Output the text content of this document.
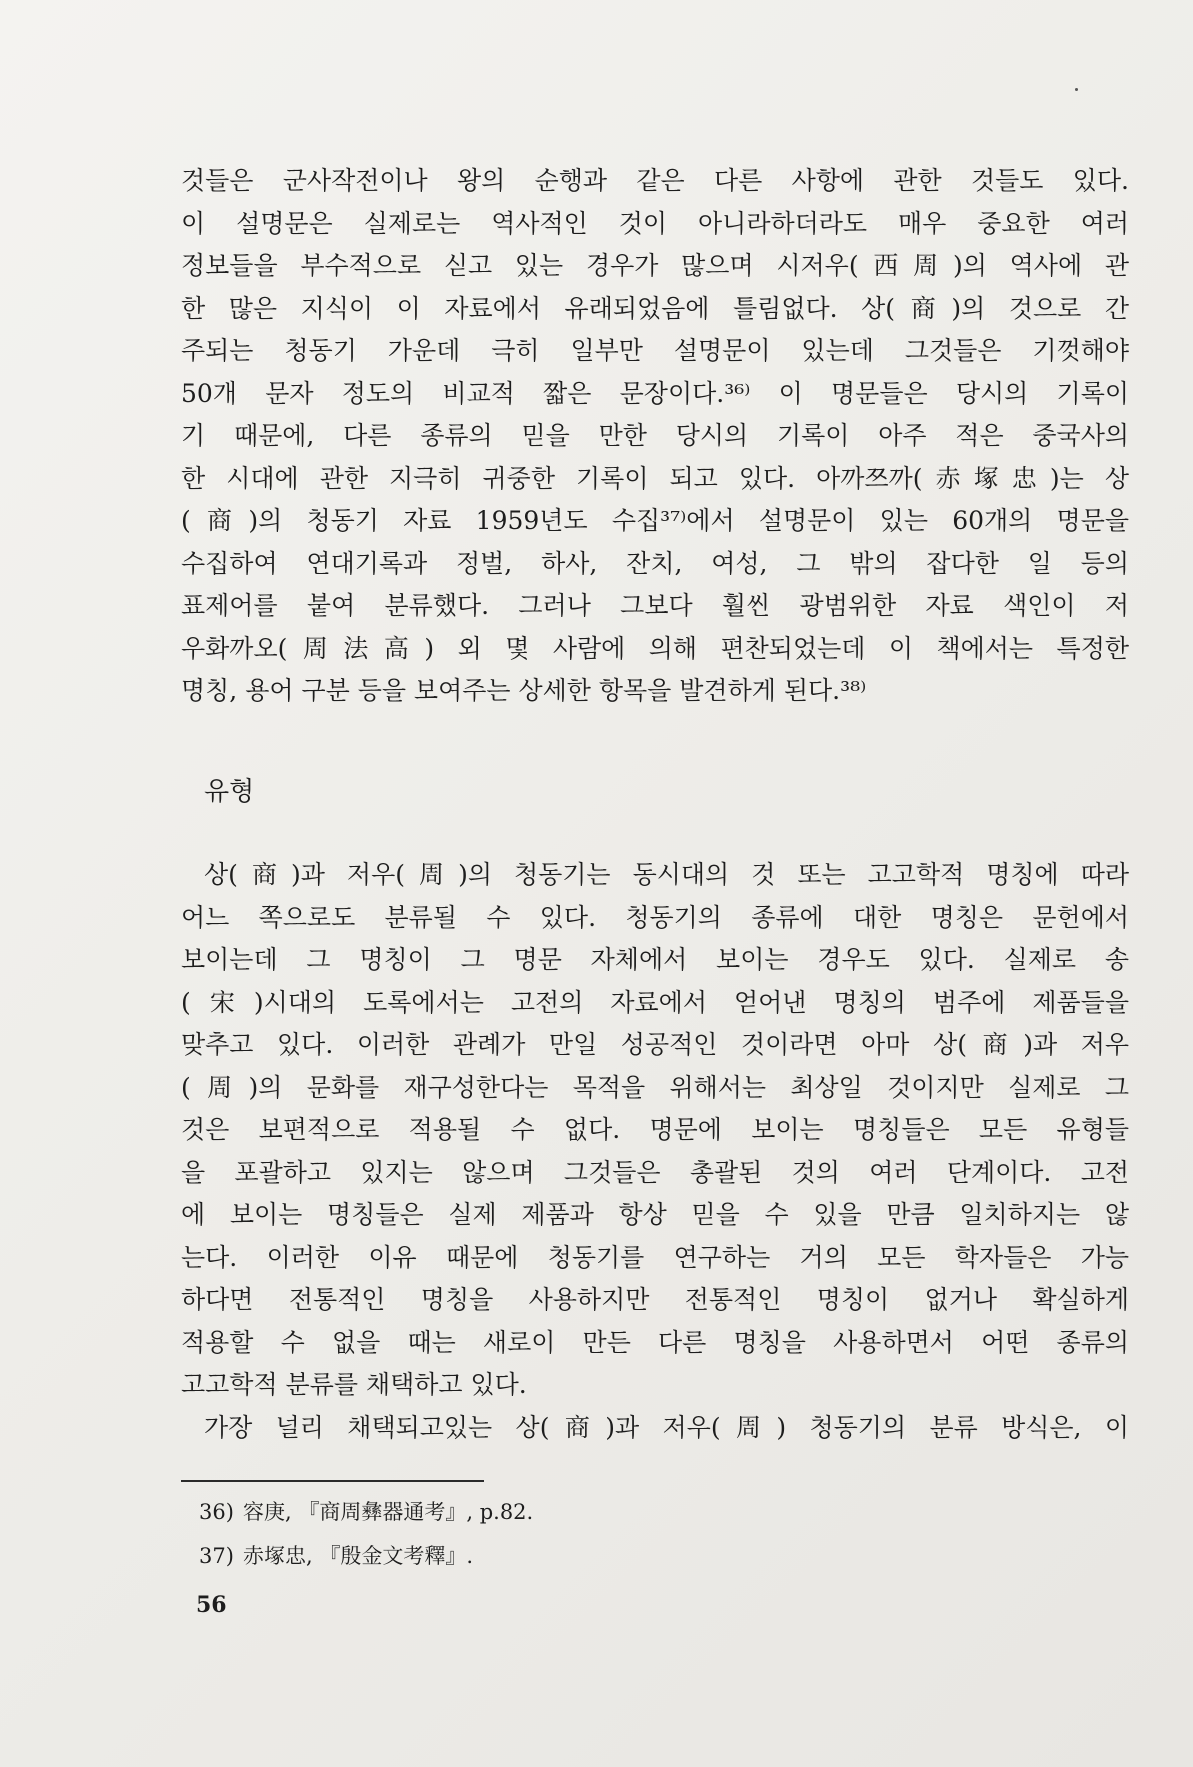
것들은 군사작전이나 왕의 순행과 같은 다른 사항에 관한 것들도 있다.
이 설명문은 실제로는 역사적인 것이 아니라하더라도 매우 중요한 여러
정보들을 부수적으로 싣고 있는 경우가 많으며 시저우(西周)의 역사에 관
한 많은 지식이 이 자료에서 유래되었음에 틀림없다. 상(商)의 것으로 간
주되는 청동기 가운데 극히 일부만 설명문이 있는데 그것들은 기껏해야
50개 문자 정도의 비교적 짧은 문장이다.³⁶⁾ 이 명문들은 당시의 기록이
기 때문에, 다른 종류의 믿을 만한 당시의 기록이 아주 적은 중국사의
한 시대에 관한 지극히 귀중한 기록이 되고 있다. 아까쯔까(赤塚忠)는 상
(商)의 청동기 자료 1959년도 수집³⁷⁾에서 설명문이 있는 60개의 명문을
수집하여 연대기록과 정벌, 하사, 잔치, 여성, 그 밖의 잡다한 일 등의
표제어를 붙여 분류했다. 그러나 그보다 훨씬 광범위한 자료 색인이 저
우화까오(周法高) 외 몇 사람에 의해 편찬되었는데 이 책에서는 특정한
명칭, 용어 구분 등을 보여주는 상세한 항목을 발견하게 된다.³⁸⁾
유형
상(商)과 저우(周)의 청동기는 동시대의 것 또는 고고학적 명칭에 따라
어느 쪽으로도 분류될 수 있다. 청동기의 종류에 대한 명칭은 문헌에서
보이는데 그 명칭이 그 명문 자체에서 보이는 경우도 있다. 실제로 송
(宋)시대의 도록에서는 고전의 자료에서 얻어낸 명칭의 범주에 제품들을
맞추고 있다. 이러한 관례가 만일 성공적인 것이라면 아마 상(商)과 저우
(周)의 문화를 재구성한다는 목적을 위해서는 최상일 것이지만 실제로 그
것은 보편적으로 적용될 수 없다. 명문에 보이는 명칭들은 모든 유형들
을 포괄하고 있지는 않으며 그것들은 총괄된 것의 여러 단계이다. 고전
에 보이는 명칭들은 실제 제품과 항상 믿을 수 있을 만큼 일치하지는 않
는다. 이러한 이유 때문에 청동기를 연구하는 거의 모든 학자들은 가능
하다면 전통적인 명칭을 사용하지만 전통적인 명칭이 없거나 확실하게
적용할 수 없을 때는 새로이 만든 다른 명칭을 사용하면서 어떤 종류의
고고학적 분류를 채택하고 있다.
가장 널리 채택되고있는 상(商)과 저우(周) 청동기의 분류 방식은, 이
36) 容庚, 『商周彝器通考』, p.82.
37) 赤塚忠, 『殷金文考釋』.
56
